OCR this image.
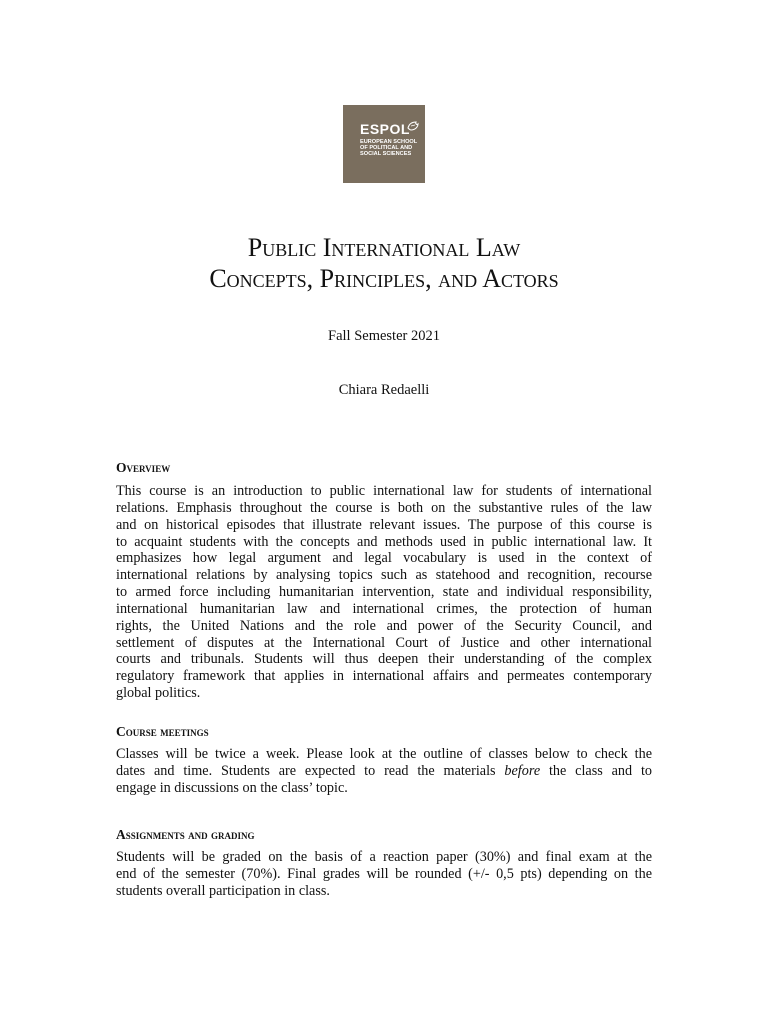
ESPOL
EUROPEAN SCHOOL
OF POLITICAL AND
SOCIAL SCIENCES
Public International Law
Concepts, Principles, and Actors
Fall Semester 2021
Chiara Redaelli
Overview
This course is an introduction to public international law for students of international
relations. Emphasis throughout the course is both on the substantive rules of the law
and on historical episodes that illustrate relevant issues. The purpose of this course is
to acquaint students with the concepts and methods used in public international law. It
emphasizes how legal argument and legal vocabulary is used in the context of
international relations by analysing topics such as statehood and recognition, recourse
to armed force including humanitarian intervention, state and individual responsibility,
international humanitarian law and international crimes, the protection of human
rights, the United Nations and the role and power of the Security Council, and
settlement of disputes at the International Court of Justice and other international
courts and tribunals. Students will thus deepen their understanding of the complex
regulatory framework that applies in international affairs and permeates contemporary
global politics.
Course meetings
Classes will be twice a week. Please look at the outline of classes below to check the
dates and time. Students are expected to read the materials before the class and to
engage in discussions on the class’ topic.
Assignments and grading
Students will be graded on the basis of a reaction paper (30%) and final exam at the
end of the semester (70%). Final grades will be rounded (+/- 0,5 pts) depending on the
students overall participation in class.
